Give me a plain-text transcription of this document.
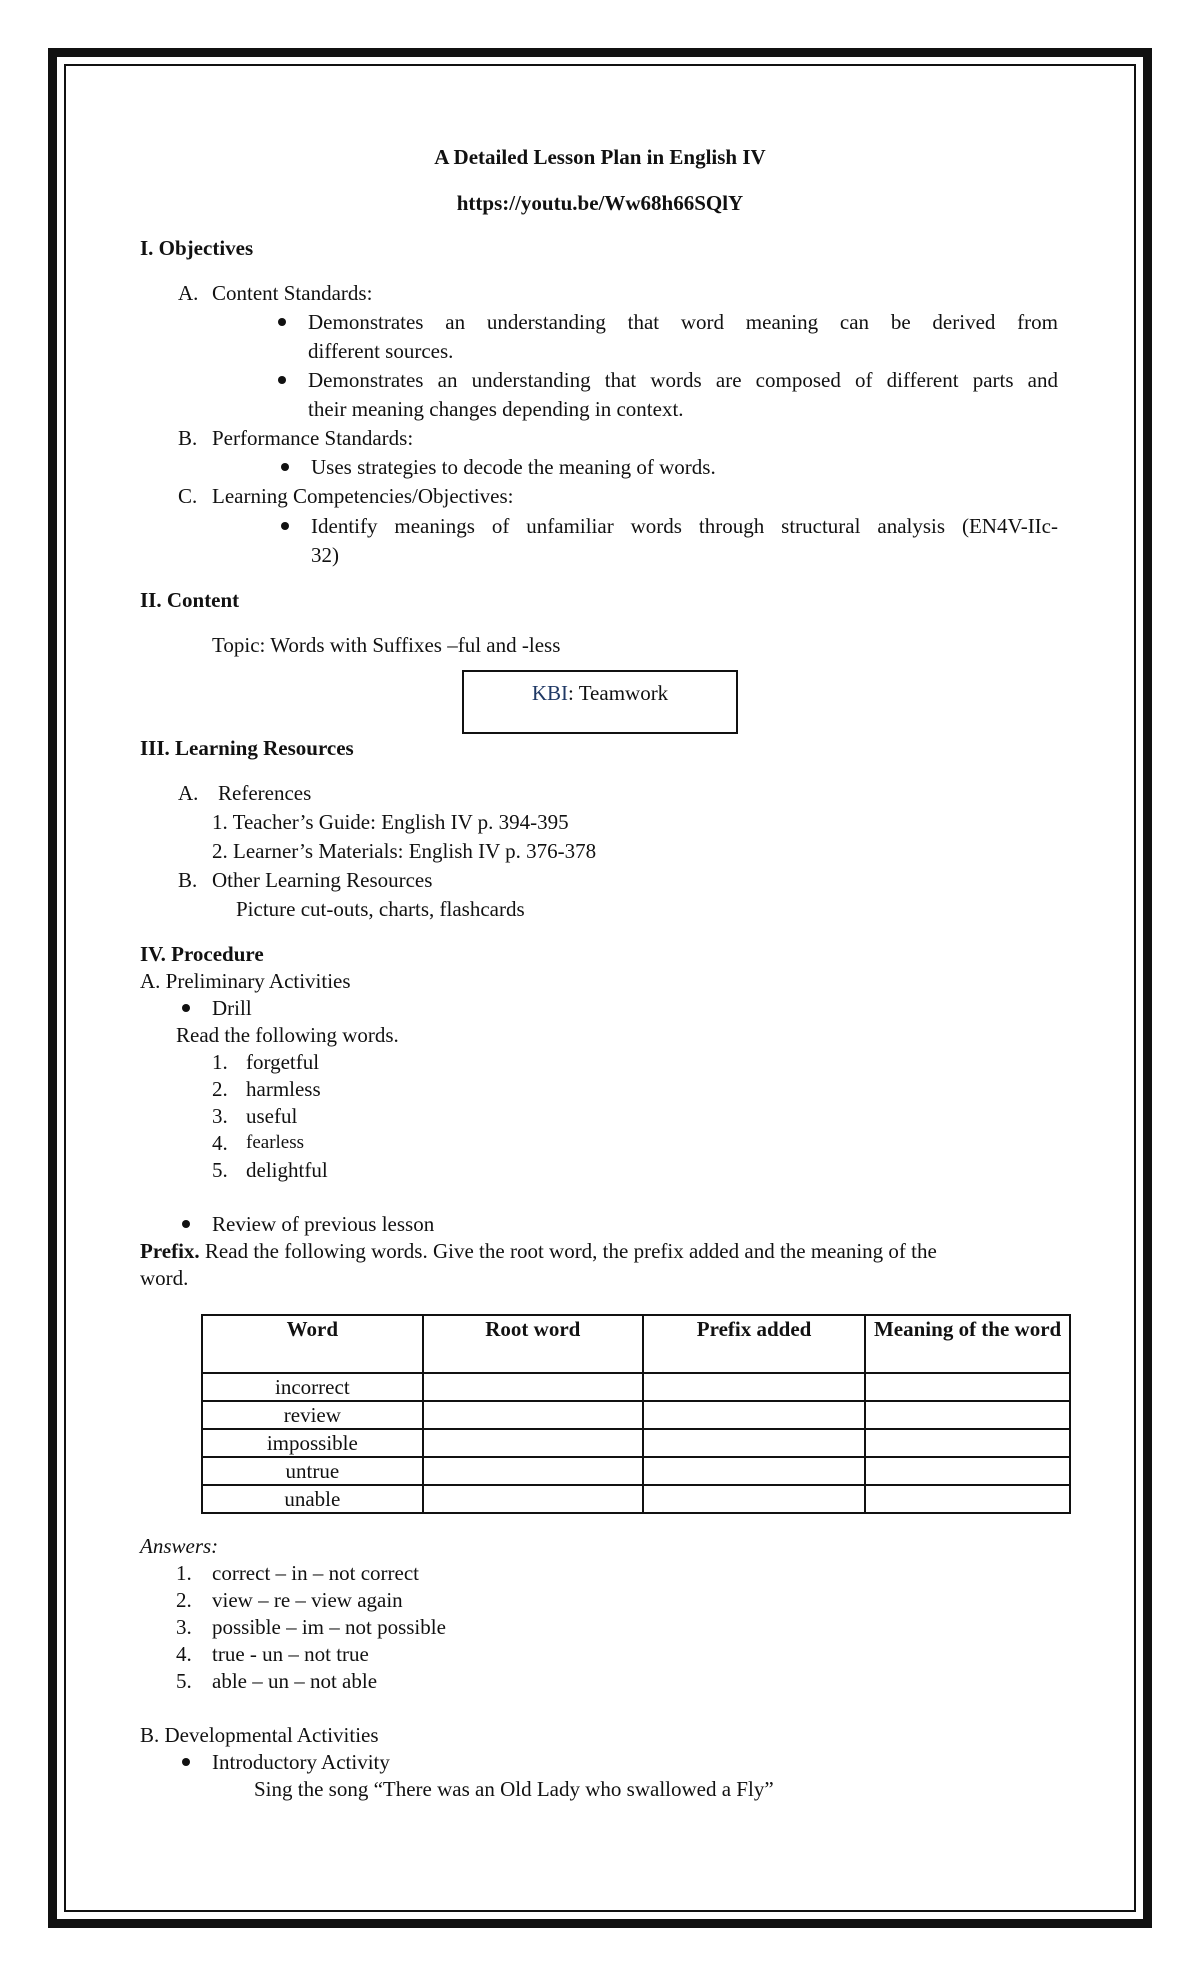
A Detailed Lesson Plan in English IV
https://youtu.be/Ww68h66SQlY
I. Objectives
A. Content Standards:
Demonstrates an understanding that word meaning can be derived from
different sources.
Demonstrates an understanding that words are composed of different parts and
their meaning changes depending in context.
B. Performance Standards:
Uses strategies to decode the meaning of words.
C. Learning Competencies/Objectives:
Identify meanings of unfamiliar words through structural analysis (EN4V-IIc-
32)
II. Content
Topic: Words with Suffixes –ful and -less
KBI : Teamwork
III. Learning Resources
A. References
1. Teacher’s Guide: English IV p. 394-395
2. Learner’s Materials: English IV p. 376-378
B. Other Learning Resources
Picture cut-outs, charts, flashcards
IV. Procedure
A. Preliminary Activities
Drill
Read the following words.
1. forgetful
2. harmless
3. useful
4. fearless
5. delightful
Review of previous lesson
Prefix. Read the following words. Give the root word, the prefix added and the meaning of the
word.
Word	Root word	Prefix added	Meaning of the word
incorrect			
review			
impossible			
untrue			
unable			
Answers:
1. correct – in – not correct
2. view – re – view again
3. possible – im – not possible
4. true - un – not true
5. able – un – not able
B. Developmental Activities
Introductory Activity
Sing the song “There was an Old Lady who swallowed a Fly”
